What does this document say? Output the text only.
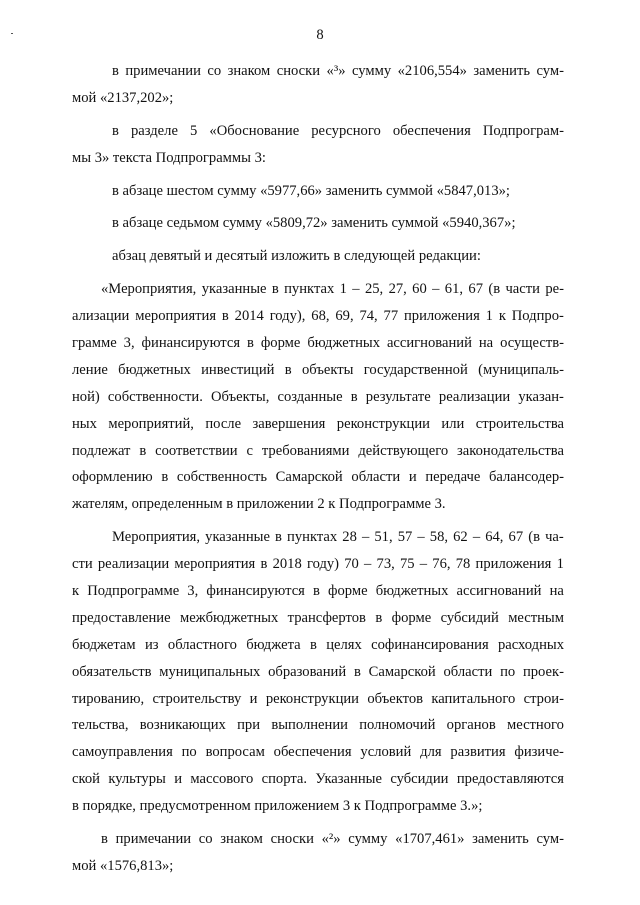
8
в примечании со знаком сноски «³» сумму «2106,554» заменить сум-
мой «2137,202»;
в разделе 5 «Обоснование ресурсного обеспечения Подпрограм-
мы 3» текста Подпрограммы 3:
в абзаце шестом сумму «5977,66» заменить суммой «5847,013»;
в абзаце седьмом сумму «5809,72» заменить суммой «5940,367»;
абзац девятый и десятый изложить в следующей редакции:
«Мероприятия, указанные в пунктах 1 – 25, 27, 60 – 61, 67 (в части ре-
ализации мероприятия в 2014 году), 68, 69, 74, 77 приложения 1 к Подпро-
грамме 3, финансируются в форме бюджетных ассигнований на осуществ-
ление бюджетных инвестиций в объекты государственной (муниципаль-
ной) собственности. Объекты, созданные в результате реализации указан-
ных мероприятий, после завершения реконструкции или строительства
подлежат в соответствии с требованиями действующего законодательства
оформлению в собственность Самарской области и передаче балансодер-
жателям, определенным в приложении 2 к Подпрограмме 3.
Мероприятия, указанные в пунктах 28 – 51, 57 – 58, 62 – 64, 67 (в ча-
сти реализации мероприятия в 2018 году) 70 – 73, 75 – 76, 78 приложения 1
к Подпрограмме 3, финансируются в форме бюджетных ассигнований на
предоставление межбюджетных трансфертов в форме субсидий местным
бюджетам из областного бюджета в целях софинансирования расходных
обязательств муниципальных образований в Самарской области по проек-
тированию, строительству и реконструкции объектов капитального строи-
тельства, возникающих при выполнении полномочий органов местного
самоуправления по вопросам обеспечения условий для развития физиче-
ской культуры и массового спорта. Указанные субсидии предоставляются
в порядке, предусмотренном приложением 3 к Подпрограмме 3.»;
в примечании со знаком сноски «²» сумму «1707,461» заменить сум-
мой «1576,813»;
